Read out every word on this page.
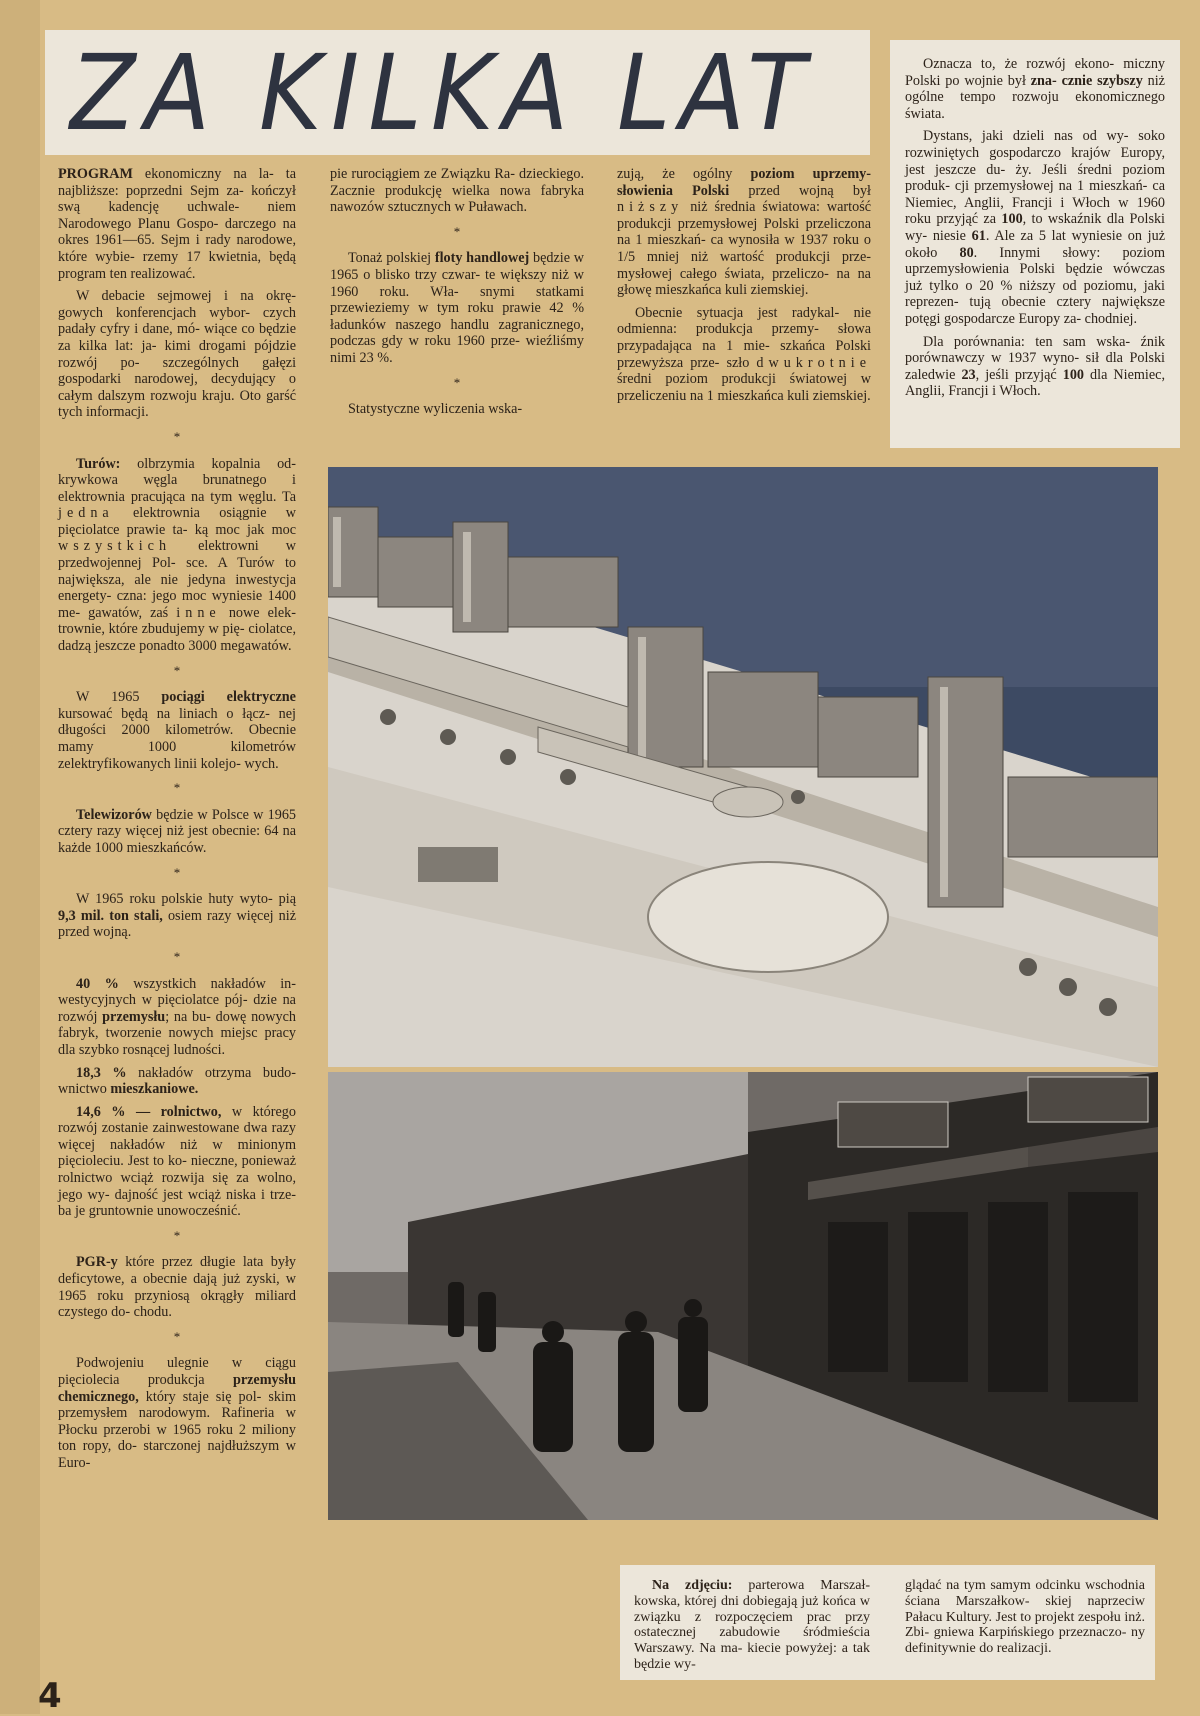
ZA KILKA LAT

PROGRAM ekonomiczny na la- ta najbliższe: poprzedni Sejm za- kończył swą kadencję uchwale- niem Narodowego Planu Gospo- darczego na okres 1961—65. Sejm i rady narodowe, które wybie- rzemy 17 kwietnia, będą program ten realizować.

W debacie sejmowej i na okrę- gowych konferencjach wybor- czych padały cyfry i dane, mó- wiące co będzie za kilka lat: ja- kimi drogami pójdzie rozwój po- szczególnych gałęzi gospodarki narodowej, decydujący o całym dalszym rozwoju kraju. Oto garść tych informacji.

*

Turów: olbrzymia kopalnia od- krywkowa węgla brunatnego i elektrownia pracująca na tym węglu. Ta jedna elektrownia osiągnie w pięciolatce prawie ta- ką moc jak moc wszystkich elektrowni w przedwojennej Pol- sce. A Turów to największa, ale nie jedyna inwestycja energety- czna: jego moc wyniesie 1400 me- gawatów, zaś inne nowe elek- trownie, które zbudujemy w pię- ciolatce, dadzą jeszcze ponadto 3000 megawatów.

*

W 1965 pociągi elektryczne kursować będą na liniach o łącz- nej długości 2000 kilometrów. Obecnie mamy 1000 kilometrów zelektryfikowanych linii kolejo- wych.

*

Telewizorów będzie w Polsce w 1965 cztery razy więcej niż jest obecnie: 64 na każde 1000 mieszkańców.

*

W 1965 roku polskie huty wyto- pią 9,3 mil. ton stali, osiem razy więcej niż przed wojną.

*

40 % wszystkich nakładów in- westycyjnych w pięciolatce pój- dzie na rozwój przemysłu; na bu- dowę nowych fabryk, tworzenie nowych miejsc pracy dla szybko rosnącej ludności.

18,3 % nakładów otrzyma budo- wnictwo mieszkaniowe.

14,6 % — rolnictwo, w którego rozwój zostanie zainwestowane dwa razy więcej nakładów niż w minionym pięcioleciu. Jest to ko- nieczne, ponieważ rolnictwo wciąż rozwija się za wolno, jego wy- dajność jest wciąż niska i trze- ba je gruntownie unowocześnić.

*

PGR-y które przez długie lata były deficytowe, a obecnie dają już zyski, w 1965 roku przyniosą okrągły miliard czystego do- chodu.

*

Podwojeniu ulegnie w ciągu pięciolecia produkcja przemysłu chemicznego, który staje się pol- skim przemysłem narodowym. Rafineria w Płocku przerobi w 1965 roku 2 miliony ton ropy, do- starczonej najdłuższym w Euro-

pie rurociągiem ze Związku Ra- dzieckiego. Zacznie produkcję wielka nowa fabryka nawozów sztucznych w Puławach.

*

Tonaż polskiej floty handlowej będzie w 1965 o blisko trzy czwar- te większy niż w 1960 roku. Wła- snymi statkami przewieziemy w tym roku prawie 42 % ładunków naszego handlu zagranicznego, podczas gdy w roku 1960 prze- wieźliśmy nimi 23 %.

*

Statystyczne wyliczenia wska-

zują, że ogólny poziom uprzemy- słowienia Polski przed wojną był niższy niż średnia światowa: wartość produkcji przemysłowej Polski przeliczona na 1 mieszkań- ca wynosiła w 1937 roku o 1/5 mniej niż wartość produkcji prze- mysłowej całego świata, przeliczo- na na głowę mieszkańca kuli ziemskiej.

Obecnie sytuacja jest radykal- nie odmienna: produkcja przemy- słowa przypadająca na 1 mie- szkańca Polski przewyższa prze- szło dwukrotnie średni poziom produkcji światowej w przeliczeniu na 1 mieszkańca kuli ziemskiej.

Oznacza to, że rozwój ekono- miczny Polski po wojnie był zna- cznie szybszy niż ogólne tempo rozwoju ekonomicznego świata.

Dystans, jaki dzieli nas od wy- soko rozwiniętych gospodarczo krajów Europy, jest jeszcze du- ży. Jeśli średni poziom produk- cji przemysłowej na 1 mieszkań- ca Niemiec, Anglii, Francji i Włoch w 1960 roku przyjąć za 100, to wskaźnik dla Polski wy- niesie 61. Ale za 5 lat wyniesie on już około 80. Innymi słowy: poziom uprzemysłowienia Polski będzie wówczas już tylko o 20 % niższy od poziomu, jaki reprezen- tują obecnie cztery największe potęgi gospodarcze Europy za- chodniej.

Dla porównania: ten sam wska- źnik porównawczy w 1937 wyno- sił dla Polski zaledwie 23, jeśli przyjąć 100 dla Niemiec, Anglii, Francji i Włoch.

Na zdjęciu: parterowa Marszał- kowska, której dni dobiegają już końca w związku z rozpoczęciem prac przy ostatecznej zabudowie śródmieścia Warszawy. Na ma- kiecie powyżej: a tak będzie wy-

glądać na tym samym odcinku wschodnia ściana Marszałkow- skiej naprzeciw Pałacu Kultury. Jest to projekt zespołu inż. Zbi- gniewa Karpińskiego przeznaczo- ny definitywnie do realizacji.

4
